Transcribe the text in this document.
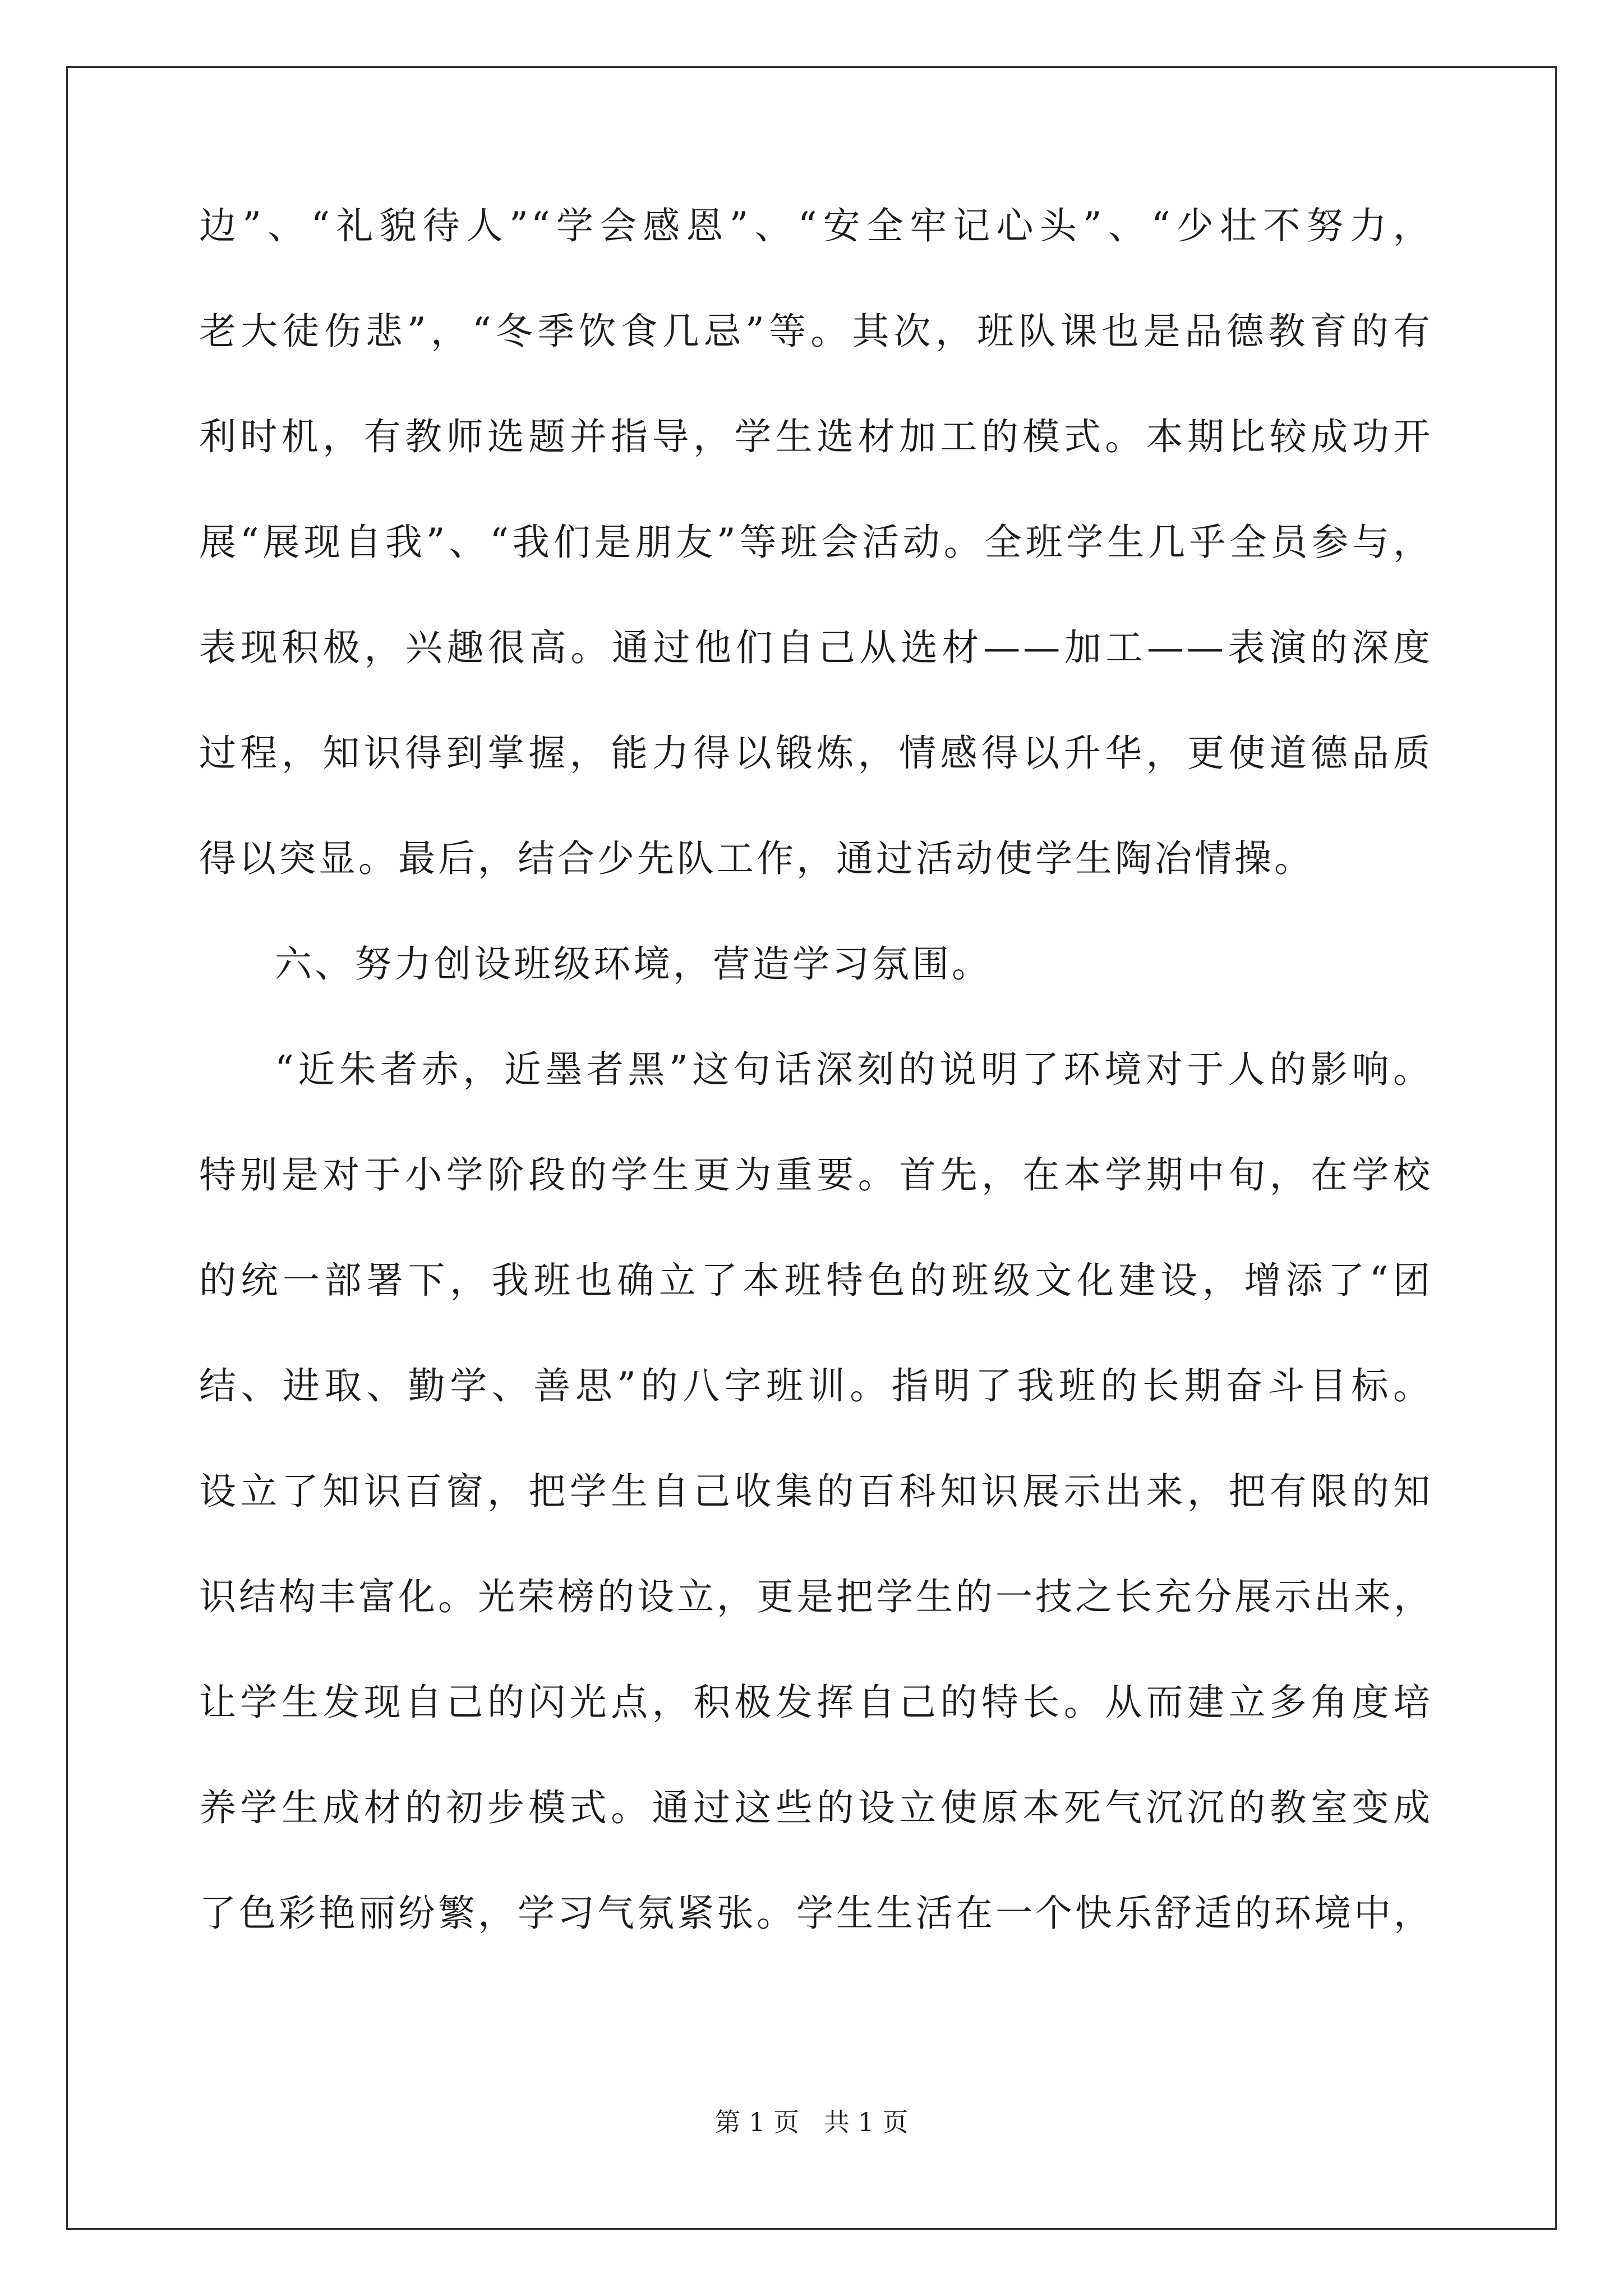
边”、“礼貌待人”“学会感恩”、“安全牢记心头”、“少壮不努力，
老大徒伤悲”，“冬季饮食几忌”等。其次，班队课也是品德教育的有
利时机，有教师选题并指导，学生选材加工的模式。本期比较成功开
展“展现自我”、“我们是朋友”等班会活动。全班学生几乎全员参与，
表现积极，兴趣很高。通过他们自己从选材——加工——表演的深度
过程，知识得到掌握，能力得以锻炼，情感得以升华，更使道德品质
得以突显。最后，结合少先队工作，通过活动使学生陶冶情操。
六、努力创设班级环境，营造学习氛围。
“近朱者赤，近墨者黑”这句话深刻的说明了环境对于人的影响。
特别是对于小学阶段的学生更为重要。首先，在本学期中旬，在学校
的统一部署下，我班也确立了本班特色的班级文化建设，增添了“团
结、进取、勤学、善思”的八字班训。指明了我班的长期奋斗目标。
设立了知识百窗，把学生自己收集的百科知识展示出来，把有限的知
识结构丰富化。光荣榜的设立，更是把学生的一技之长充分展示出来，
让学生发现自己的闪光点，积极发挥自己的特长。从而建立多角度培
养学生成材的初步模式。通过这些的设立使原本死气沉沉的教室变成
了色彩艳丽纷繁，学习气氛紧张。学生生活在一个快乐舒适的环境中，
第 1 页   共 1 页
